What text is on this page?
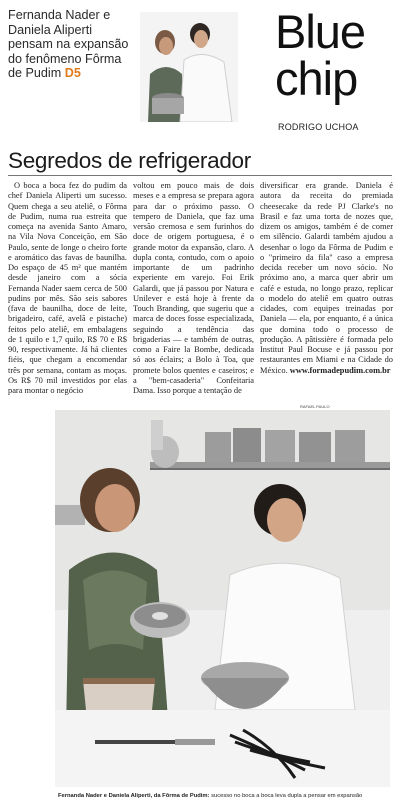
Fernanda Nader e Daniela Aliperti pensam na expansão do fenômeno Fôrma de Pudim D5
Blue
chip
RODRIGO UCHOA
Segredos de refrigerador
O boca a boca fez do pudim da chef Daniela Aliperti um sucesso. Quem chega a seu ateliê, o Fôrma de Pudim, numa rua estreita que começa na avenida Santo Amaro, na Vila Nova Conceição, em São Paulo, sente de longe o cheiro forte e aromático das favas de baunilha. Do espaço de 45 m² que mantém desde janeiro com a sócia Fernanda Nader saem cerca de 500 pudins por mês. São seis sabores (fava de baunilha, doce de leite, brigadeiro, café, avelã e pistache) feitos pelo ateliê, em embalagens de 1 quilo e 1,7 quilo, R$ 70 e R$ 90, respectivamente. Já há clientes fiéis, que chegam a encomendar três por semana, contam as moças. Os R$ 70 mil investidos por elas para montar o negócio
voltou em pouco mais de dois meses e a empresa se prepara agora para dar o próximo passo. O tempero de Daniela, que faz uma versão cremosa e sem furinhos do doce de origem portuguesa, é o grande motor da expansão, claro. A dupla conta, contudo, com o apoio importante de um padrinho experiente em varejo. Foi Erik Galardi, que já passou por Natura e Unilever e está hoje à frente da Touch Branding, que sugeriu que a marca de doces fosse especializada, seguindo a tendência das brigaderias — e também de outras, como a Faire la Bombe, dedicada só aos éclairs; a Bolo à Toa, que promete bolos quentes e caseiros; e a "bem-casaderia" Confeitaria Dama. Isso porque a tentação de
diversificar era grande. Daniela é autora da receita do premiada cheesecake da rede PJ Clarke's no Brasil e faz uma torta de nozes que, dizem os amigos, também é de comer em silêncio. Galardi também ajudou a desenhar o logo da Fôrma de Pudim e o "primeiro da fila" caso a empresa decida receber um novo sócio. No próximo ano, a marca quer abrir um café e estuda, no longo prazo, replicar o modelo do ateliê em quatro outras cidades, com equipes treinadas por Daniela — ela, por enquanto, é a única que domina todo o processo de produção. A pâtissière é formada pelo Institut Paul Bocuse e já passou por restaurantes em Miami e na Cidade do México. www.formadepudim.com.br
RAFAEL PAULO
Fernanda Nader e Daniela Aliperti, da Fôrma de Pudim: sucesso no boca a boca leva dupla a pensar em expansão
